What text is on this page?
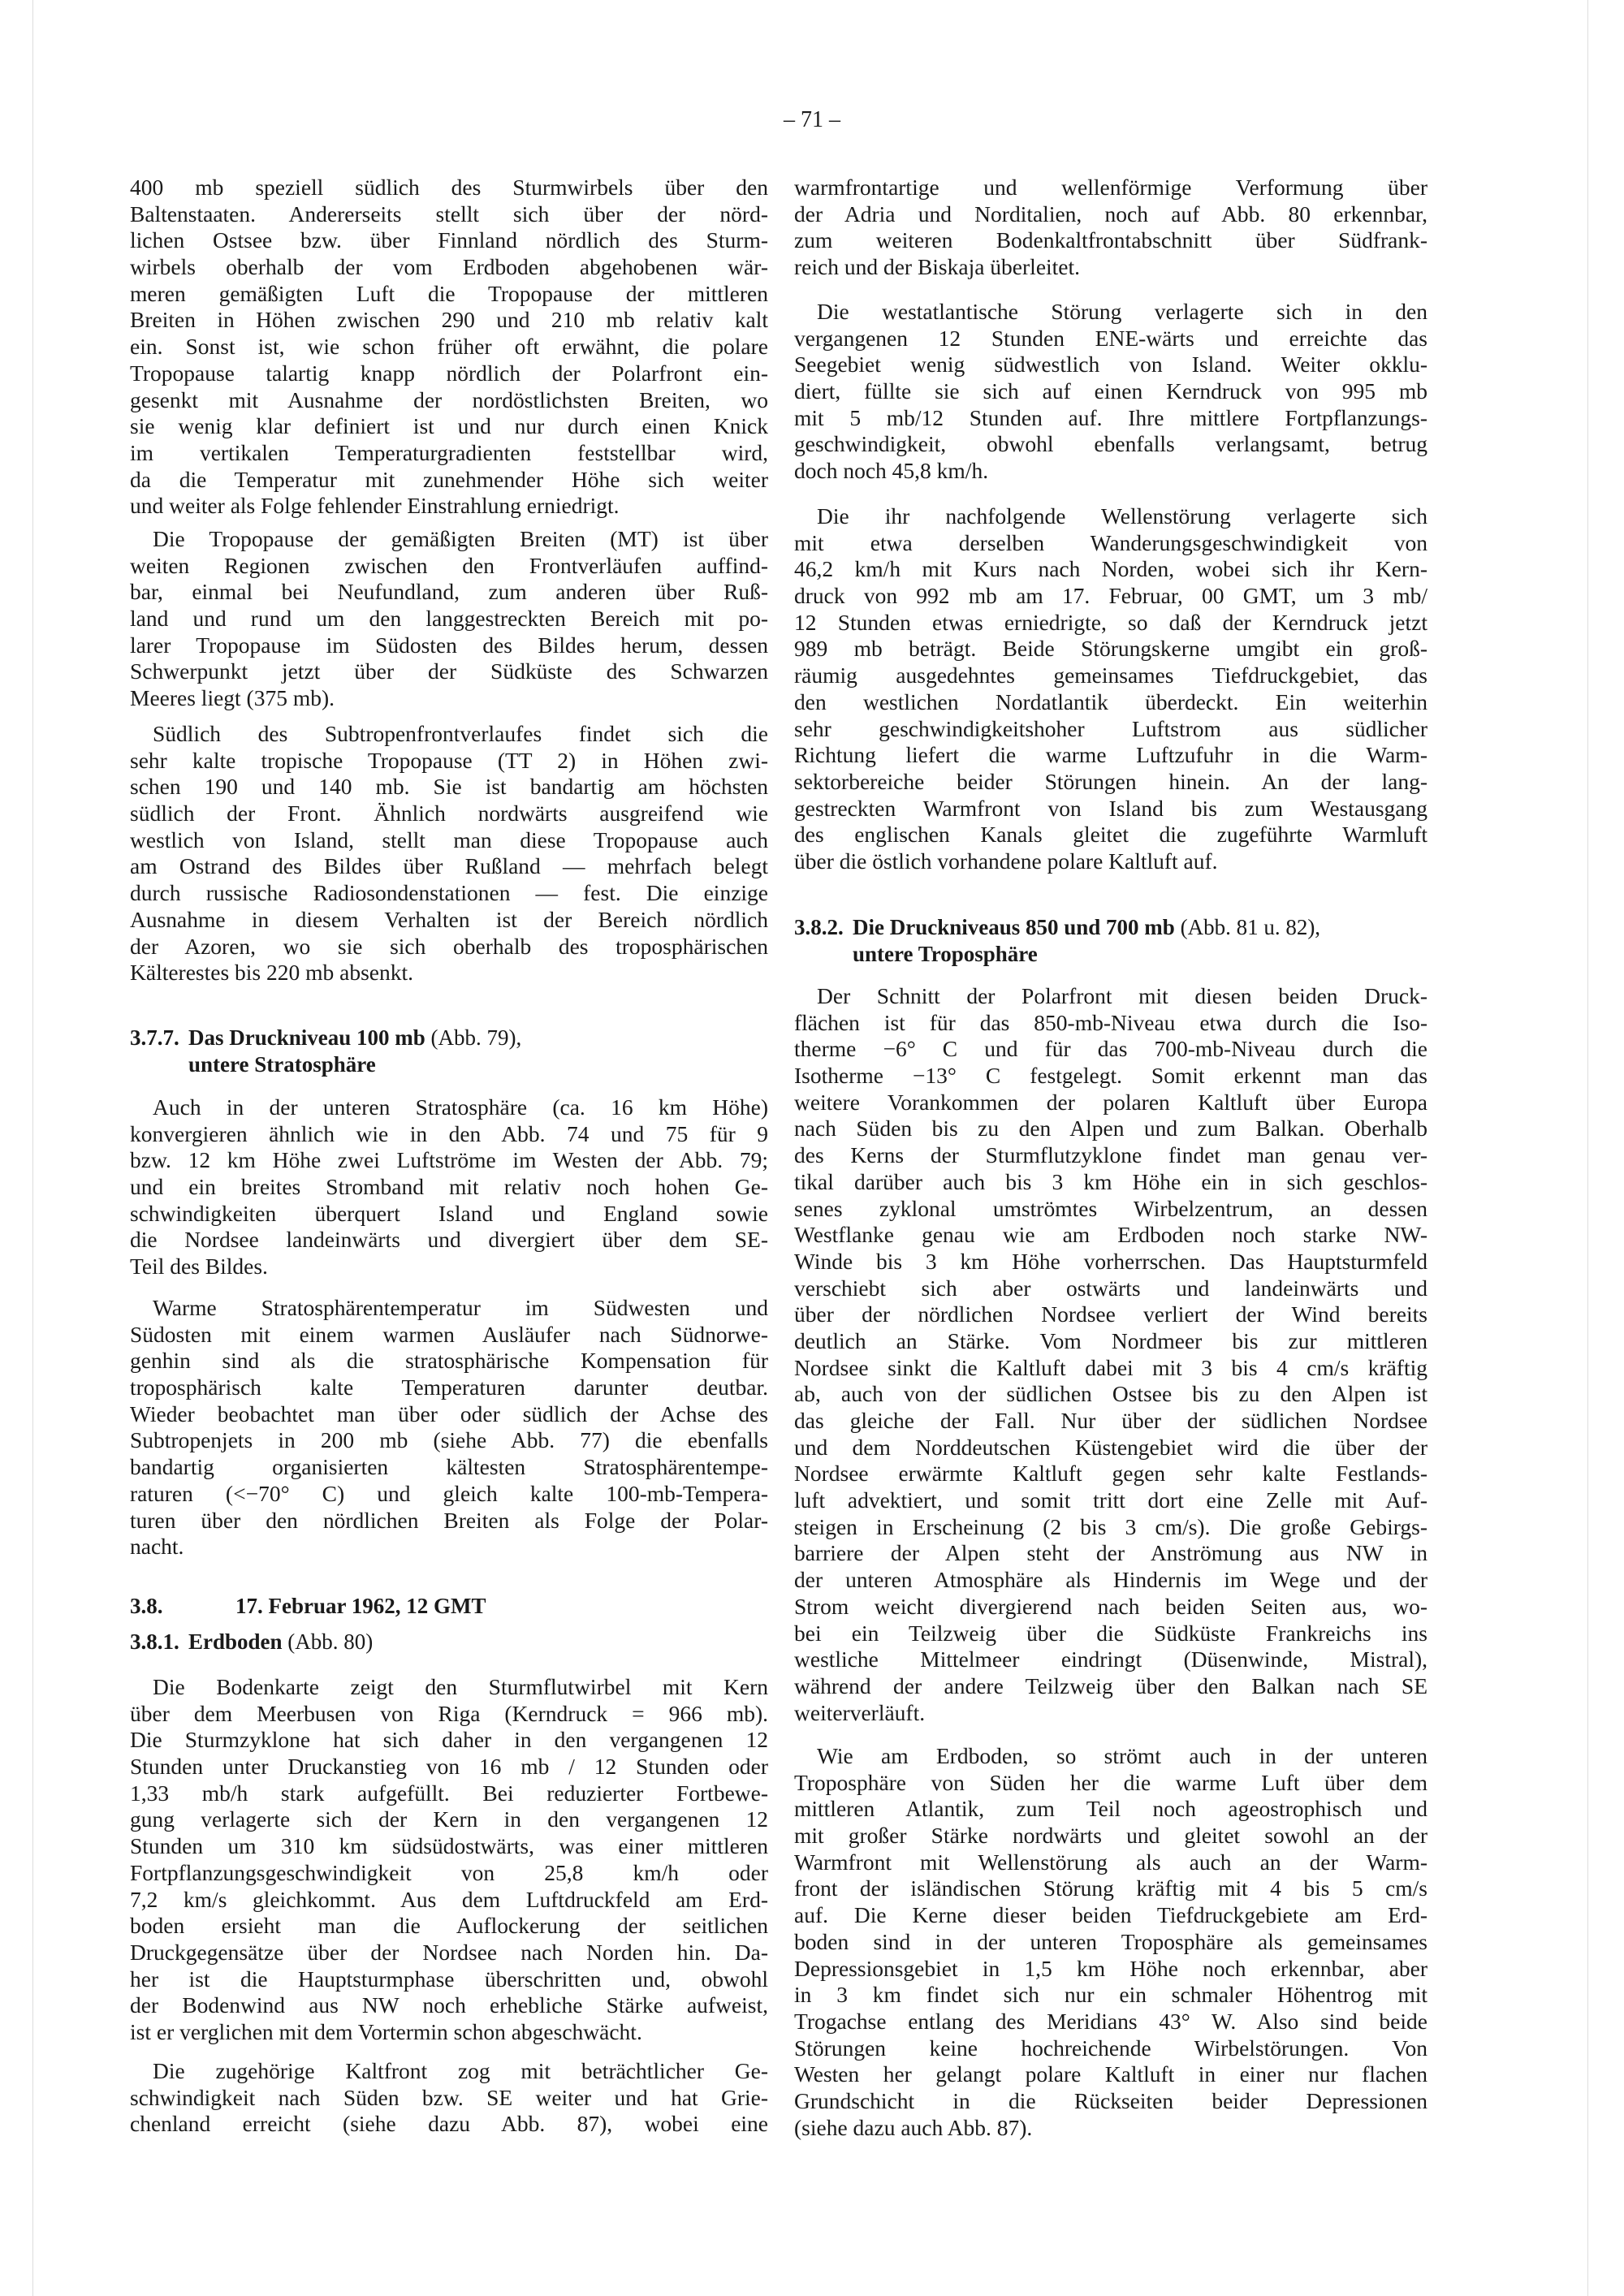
– 71 –
400 mb speziell südlich des Sturmwirbels über den
Baltenstaaten. Andererseits stellt sich über der nörd-
lichen Ostsee bzw. über Finnland nördlich des Sturm-
wirbels oberhalb der vom Erdboden abgehobenen wär-
meren gemäßigten Luft die Tropopause der mittleren
Breiten in Höhen zwischen 290 und 210 mb relativ kalt
ein. Sonst ist, wie schon früher oft erwähnt, die polare
Tropopause talartig knapp nördlich der Polarfront ein-
gesenkt mit Ausnahme der nordöstlichsten Breiten, wo
sie wenig klar definiert ist und nur durch einen Knick
im vertikalen Temperaturgradienten feststellbar wird,
da die Temperatur mit zunehmender Höhe sich weiter
und weiter als Folge fehlender Einstrahlung erniedrigt.
Die Tropopause der gemäßigten Breiten (MT) ist über
weiten Regionen zwischen den Frontverläufen auffind-
bar, einmal bei Neufundland, zum anderen über Ruß-
land und rund um den langgestreckten Bereich mit po-
larer Tropopause im Südosten des Bildes herum, dessen
Schwerpunkt jetzt über der Südküste des Schwarzen
Meeres liegt (375 mb).
Südlich des Subtropenfrontverlaufes findet sich die
sehr kalte tropische Tropopause (TT 2) in Höhen zwi-
schen 190 und 140 mb. Sie ist bandartig am höchsten
südlich der Front. Ähnlich nordwärts ausgreifend wie
westlich von Island, stellt man diese Tropopause auch
am Ostrand des Bildes über Rußland — mehrfach belegt
durch russische Radiosondenstationen — fest. Die einzige
Ausnahme in diesem Verhalten ist der Bereich nördlich
der Azoren, wo sie sich oberhalb des troposphärischen
Kälterestes bis 220 mb absenkt.
3.7.7. Das Druckniveau 100 mb (Abb. 79),
untere Stratosphäre
Auch in der unteren Stratosphäre (ca. 16 km Höhe)
konvergieren ähnlich wie in den Abb. 74 und 75 für 9
bzw. 12 km Höhe zwei Luftströme im Westen der Abb. 79;
und ein breites Stromband mit relativ noch hohen Ge-
schwindigkeiten überquert Island und England sowie
die Nordsee landeinwärts und divergiert über dem SE-
Teil des Bildes.
Warme Stratosphärentemperatur im Südwesten und
Südosten mit einem warmen Ausläufer nach Südnorwe-
genhin sind als die stratosphärische Kompensation für
troposphärisch kalte Temperaturen darunter deutbar.
Wieder beobachtet man über oder südlich der Achse des
Subtropenjets in 200 mb (siehe Abb. 77) die ebenfalls
bandartig organisierten kältesten Stratosphärentempe-
raturen (<−70° C) und gleich kalte 100-mb-Tempera-
turen über den nördlichen Breiten als Folge der Polar-
nacht.
3.8.	17. Februar 1962, 12 GMT
3.8.1. Erdboden (Abb. 80)
Die Bodenkarte zeigt den Sturmflutwirbel mit Kern
über dem Meerbusen von Riga (Kerndruck = 966 mb).
Die Sturmzyklone hat sich daher in den vergangenen 12
Stunden unter Druckanstieg von 16 mb / 12 Stunden oder
1,33 mb/h stark aufgefüllt. Bei reduzierter Fortbewe-
gung verlagerte sich der Kern in den vergangenen 12
Stunden um 310 km südsüdostwärts, was einer mittleren
Fortpflanzungsgeschwindigkeit von 25,8 km/h oder
7,2 km/s gleichkommt. Aus dem Luftdruckfeld am Erd-
boden ersieht man die Auflockerung der seitlichen
Druckgegensätze über der Nordsee nach Norden hin. Da-
her ist die Hauptsturmphase überschritten und, obwohl
der Bodenwind aus NW noch erhebliche Stärke aufweist,
ist er verglichen mit dem Vortermin schon abgeschwächt.
Die zugehörige Kaltfront zog mit beträchtlicher Ge-
schwindigkeit nach Süden bzw. SE weiter und hat Grie-
chenland erreicht (siehe dazu Abb. 87), wobei eine
warmfrontartige und wellenförmige Verformung über
der Adria und Norditalien, noch auf Abb. 80 erkennbar,
zum weiteren Bodenkaltfrontabschnitt über Südfrank-
reich und der Biskaja überleitet.
Die westatlantische Störung verlagerte sich in den
vergangenen 12 Stunden ENE-wärts und erreichte das
Seegebiet wenig südwestlich von Island. Weiter okklu-
diert, füllte sie sich auf einen Kerndruck von 995 mb
mit 5 mb/12 Stunden auf. Ihre mittlere Fortpflanzungs-
geschwindigkeit, obwohl ebenfalls verlangsamt, betrug
doch noch 45,8 km/h.
Die ihr nachfolgende Wellenstörung verlagerte sich
mit etwa derselben Wanderungsgeschwindigkeit von
46,2 km/h mit Kurs nach Norden, wobei sich ihr Kern-
druck von 992 mb am 17. Februar, 00 GMT, um 3 mb/
12 Stunden etwas erniedrigte, so daß der Kerndruck jetzt
989 mb beträgt. Beide Störungskerne umgibt ein groß-
räumig ausgedehntes gemeinsames Tiefdruckgebiet, das
den westlichen Nordatlantik überdeckt. Ein weiterhin
sehr geschwindigkeitshoher Luftstrom aus südlicher
Richtung liefert die warme Luftzufuhr in die Warm-
sektorbereiche beider Störungen hinein. An der lang-
gestreckten Warmfront von Island bis zum Westausgang
des englischen Kanals gleitet die zugeführte Warmluft
über die östlich vorhandene polare Kaltluft auf.
3.8.2. Die Druckniveaus 850 und 700 mb (Abb. 81 u. 82),
untere Troposphäre
Der Schnitt der Polarfront mit diesen beiden Druck-
flächen ist für das 850-mb-Niveau etwa durch die Iso-
therme −6° C und für das 700-mb-Niveau durch die
Isotherme −13° C festgelegt. Somit erkennt man das
weitere Vorankommen der polaren Kaltluft über Europa
nach Süden bis zu den Alpen und zum Balkan. Oberhalb
des Kerns der Sturmflutzyklone findet man genau ver-
tikal darüber auch bis 3 km Höhe ein in sich geschlos-
senes zyklonal umströmtes Wirbelzentrum, an dessen
Westflanke genau wie am Erdboden noch starke NW-
Winde bis 3 km Höhe vorherrschen. Das Hauptsturmfeld
verschiebt sich aber ostwärts und landeinwärts und
über der nördlichen Nordsee verliert der Wind bereits
deutlich an Stärke. Vom Nordmeer bis zur mittleren
Nordsee sinkt die Kaltluft dabei mit 3 bis 4 cm/s kräftig
ab, auch von der südlichen Ostsee bis zu den Alpen ist
das gleiche der Fall. Nur über der südlichen Nordsee
und dem Norddeutschen Küstengebiet wird die über der
Nordsee erwärmte Kaltluft gegen sehr kalte Festlands-
luft advektiert, und somit tritt dort eine Zelle mit Auf-
steigen in Erscheinung (2 bis 3 cm/s). Die große Gebirgs-
barriere der Alpen steht der Anströmung aus NW in
der unteren Atmosphäre als Hindernis im Wege und der
Strom weicht divergierend nach beiden Seiten aus, wo-
bei ein Teilzweig über die Südküste Frankreichs ins
westliche Mittelmeer eindringt (Düsenwinde, Mistral),
während der andere Teilzweig über den Balkan nach SE
weiterverläuft.
Wie am Erdboden, so strömt auch in der unteren
Troposphäre von Süden her die warme Luft über dem
mittleren Atlantik, zum Teil noch ageostrophisch und
mit großer Stärke nordwärts und gleitet sowohl an der
Warmfront mit Wellenstörung als auch an der Warm-
front der isländischen Störung kräftig mit 4 bis 5 cm/s
auf. Die Kerne dieser beiden Tiefdruckgebiete am Erd-
boden sind in der unteren Troposphäre als gemeinsames
Depressionsgebiet in 1,5 km Höhe noch erkennbar, aber
in 3 km findet sich nur ein schmaler Höhentrog mit
Trogachse entlang des Meridians 43° W. Also sind beide
Störungen keine hochreichende Wirbelstörungen. Von
Westen her gelangt polare Kaltluft in einer nur flachen
Grundschicht in die Rückseiten beider Depressionen
(siehe dazu auch Abb. 87).
